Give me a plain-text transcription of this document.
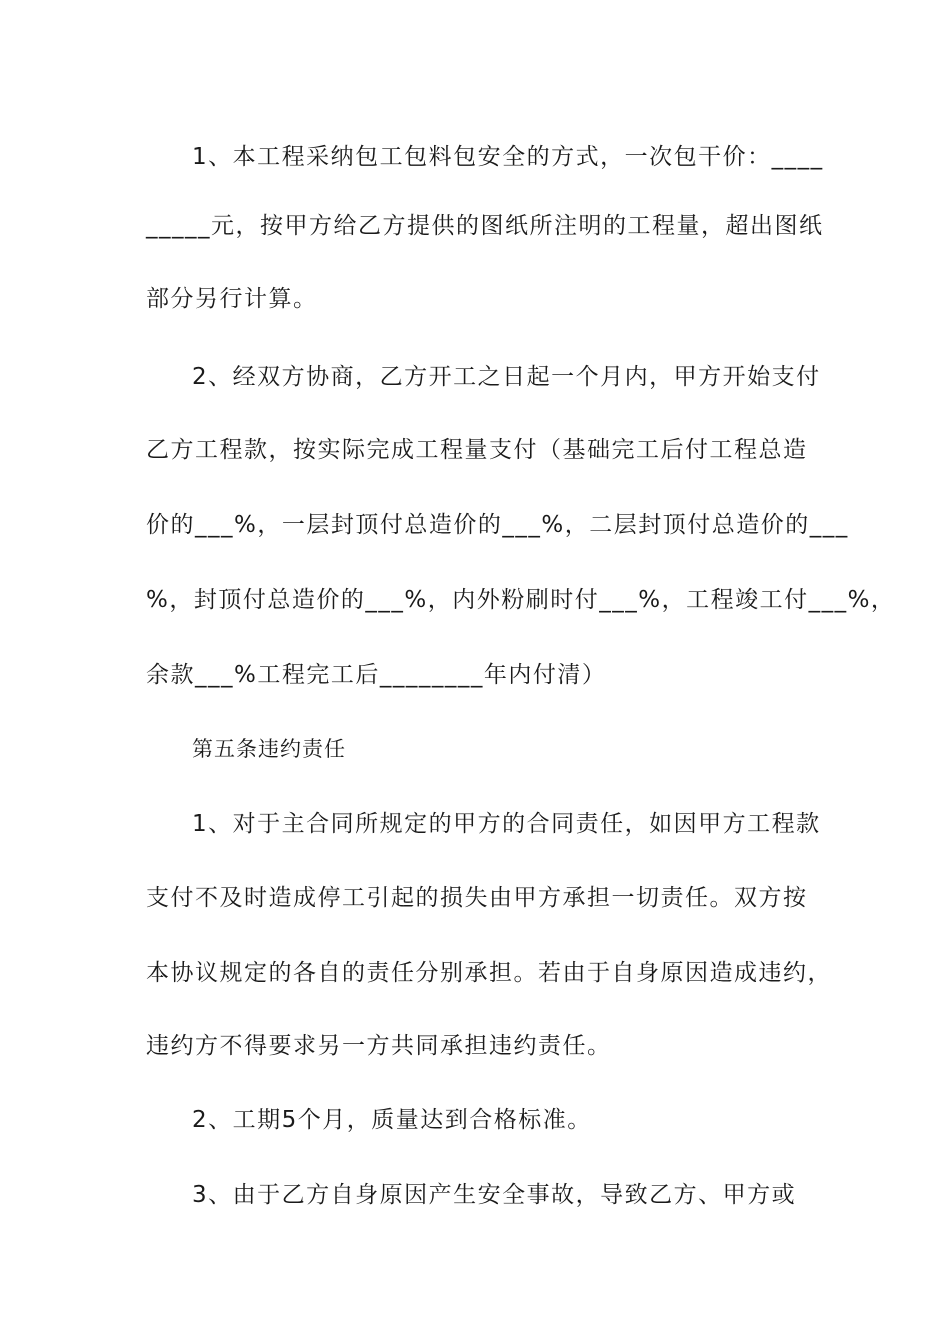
1、本工程采纳包工包料包安全的方式，一次包干价：____
_____元，按甲方给乙方提供的图纸所注明的工程量，超出图纸
部分另行计算。
2、经双方协商，乙方开工之日起一个月内，甲方开始支付
乙方工程款，按实际完成工程量支付（基础完工后付工程总造
价的___%，一层封顶付总造价的___%，二层封顶付总造价的___
%，封顶付总造价的___%，内外粉刷时付___%，工程竣工付___%，
余款___%工程完工后________年内付清）
第五条违约责任
1、对于主合同所规定的甲方的合同责任，如因甲方工程款
支付不及时造成停工引起的损失由甲方承担一切责任。双方按
本协议规定的各自的责任分别承担。若由于自身原因造成违约，
违约方不得要求另一方共同承担违约责任。
2、工期5个月，质量达到合格标准。
3、由于乙方自身原因产生安全事故，导致乙方、甲方或
